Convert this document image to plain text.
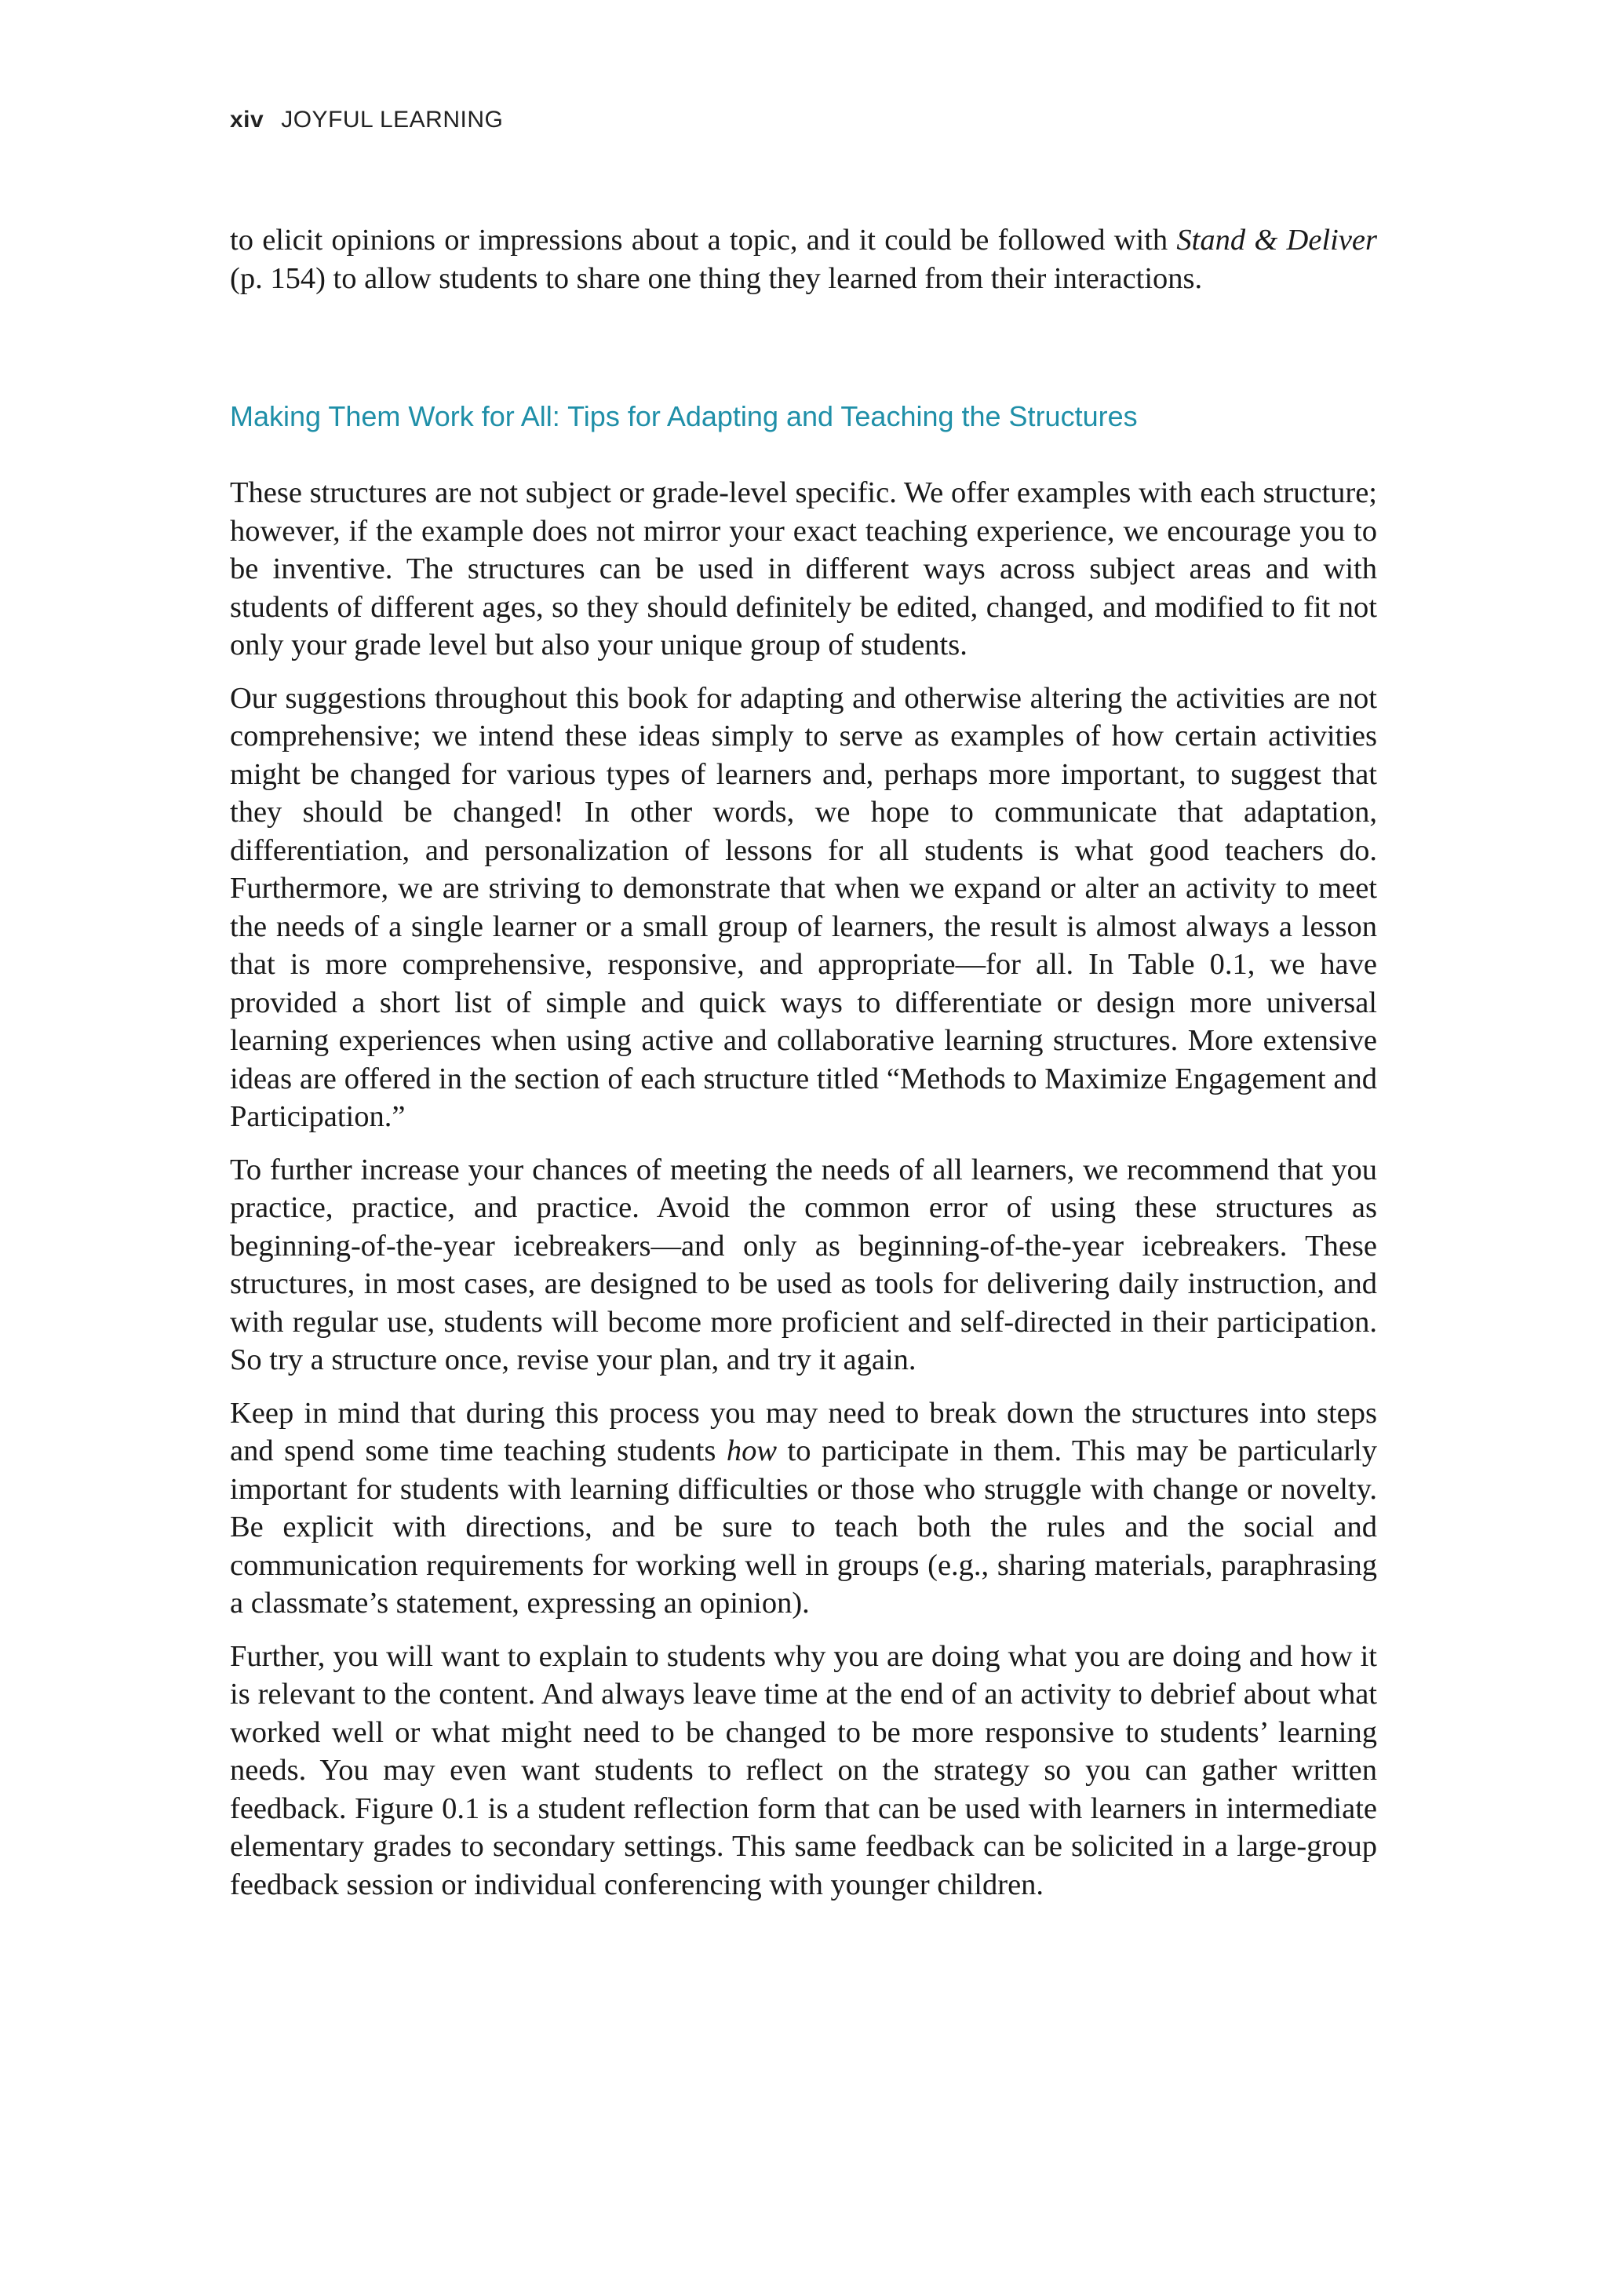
xiv JOYFUL LEARNING

to elicit opinions or impressions about a topic, and it could be followed with Stand & Deliver (p. 154) to allow students to share one thing they learned from their interactions.

Making Them Work for All: Tips for Adapting and Teaching the Structures

These structures are not subject or grade-level specific. We offer examples with each structure; however, if the example does not mirror your exact teaching experience, we encourage you to be inventive. The structures can be used in different ways across subject areas and with students of different ages, so they should definitely be edited, changed, and modified to fit not only your grade level but also your unique group of students.

Our suggestions throughout this book for adapting and otherwise altering the activities are not comprehensive; we intend these ideas simply to serve as examples of how certain activities might be changed for various types of learners and, perhaps more important, to suggest that they should be changed! In other words, we hope to communicate that adaptation, differentiation, and personalization of lessons for all students is what good teachers do. Furthermore, we are striving to demonstrate that when we expand or alter an activity to meet the needs of a single learner or a small group of learners, the result is almost always a lesson that is more comprehensive, responsive, and appropriate—for all. In Table 0.1, we have provided a short list of simple and quick ways to differentiate or design more universal learning experiences when using active and collaborative learning structures. More extensive ideas are offered in the section of each structure titled “Methods to Maximize Engagement and Participation.”

To further increase your chances of meeting the needs of all learners, we recommend that you practice, practice, and practice. Avoid the common error of using these structures as beginning-of-the-year icebreakers—and only as beginning-of-the-year icebreakers. These structures, in most cases, are designed to be used as tools for delivering daily instruction, and with regular use, students will become more proficient and self-directed in their participation. So try a structure once, revise your plan, and try it again.

Keep in mind that during this process you may need to break down the structures into steps and spend some time teaching students how to participate in them. This may be particularly important for students with learning difficulties or those who struggle with change or novelty. Be explicit with directions, and be sure to teach both the rules and the social and communication requirements for working well in groups (e.g., sharing materials, paraphrasing a classmate’s statement, expressing an opinion).

Further, you will want to explain to students why you are doing what you are doing and how it is relevant to the content. And always leave time at the end of an activity to debrief about what worked well or what might need to be changed to be more responsive to students’ learning needs. You may even want students to reflect on the strategy so you can gather written feedback. Figure 0.1 is a student reflection form that can be used with learners in intermediate elementary grades to secondary settings. This same feedback can be solicited in a large-group feedback session or individual conferencing with younger children.
